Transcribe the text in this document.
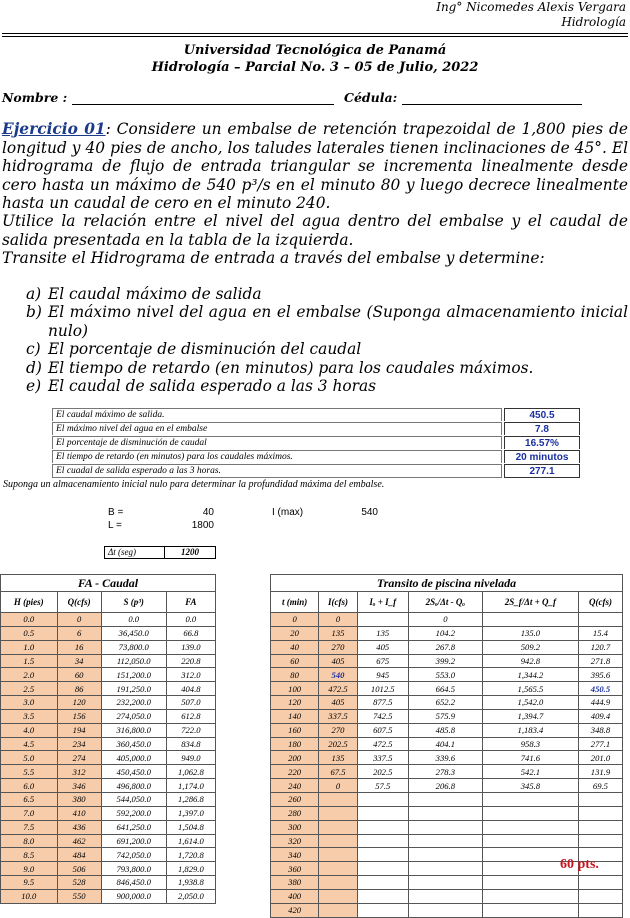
Ing° Nicomedes Alexis Vergara
Hidrología
Universidad Tecnológica de Panamá
Hidrología – Parcial No. 3 – 05 de Julio, 2022
Nombre :	Cédula:
Ejercicio 01: Considere un embalse de retención trapezoidal de 1,800 pies de longitud y 40 pies de ancho, los taludes laterales tienen inclinaciones de 45°. El hidrograma de flujo de entrada triangular se incrementa linealmente desde cero hasta un máximo de 540 p³/s en el minuto 80 y luego decrece linealmente hasta un caudal de cero en el minuto 240.
Utilice la relación entre el nivel del agua dentro del embalse y el caudal de salida presentada en la tabla de la izquierda.
Transite el Hidrograma de entrada a través del embalse y determine:
a) El caudal máximo de salida
b) El máximo nivel del agua en el embalse (Suponga almacenamiento inicial nulo)
c) El porcentaje de disminución del caudal
d) El tiempo de retardo (en minutos) para los caudales máximos.
e) El caudal de salida esperado a las 3 horas
El caudal máximo de salida.	450.5
El máximo nivel del agua en el embalse	7.8
El porcentaje de disminución de caudal	16.57%
El tiempo de retardo (en minutos) para los caudales máximos.	20 minutos
El cuadal de salida esperado a las 3 horas.	277.1
Suponga un almacenamiento inicial nulo para determinar la profundidad máxima del embalse.
B =	40
L =	1800
I (max)	540
Δt (seg)	1200
FA - Caudal			
H (pies)	Q(cfs)	S (p³)	FA
0.0	0	0.0	0.0
0.5	6	36,450.0	66.8
1.0	16	73,800.0	139.0
1.5	34	112,050.0	220.8
2.0	60	151,200.0	312.0
2.5	86	191,250.0	404.8
3.0	120	232,200.0	507.0
3.5	156	274,050.0	612.8
4.0	194	316,800.0	722.0
4.5	234	360,450.0	834.8
5.0	274	405,000.0	949.0
5.5	312	450,450.0	1,062.8
6.0	346	496,800.0	1,174.0
6.5	380	544,050.0	1,286.8
7.0	410	592,200.0	1,397.0
7.5	436	641,250.0	1,504.8
8.0	462	691,200.0	1,614.0
8.5	484	742,050.0	1,720.8
9.0	506	793,800.0	1,829.0
9.5	528	846,450.0	1,938.8
10.0	550	900,000.0	2,050.0
Transito de piscina nivelada					
t (min)	I(cfs)	Iₒ + I_f	2Sₒ/Δt - Qₒ	2S_f/Δt + Q_f	Q(cfs)
0	0		0		
20	135	135	104.2	135.0	15.4
40	270	405	267.8	509.2	120.7
60	405	675	399.2	942.8	271.8
80	540	945	553.0	1,344.2	395.6
100	472.5	1012.5	664.5	1,565.5	450.5
120	405	877.5	652.2	1,542.0	444.9
140	337.5	742.5	575.9	1,394.7	409.4
160	270	607.5	485.8	1,183.4	348.8
180	202.5	472.5	404.1	958.3	277.1
200	135	337.5	339.6	741.6	201.0
220	67.5	202.5	278.3	542.1	131.9
240	0	57.5	206.8	345.8	69.5
260					
280					
300					
320					
340					
360					
380					
400					
420					
60 pts.
